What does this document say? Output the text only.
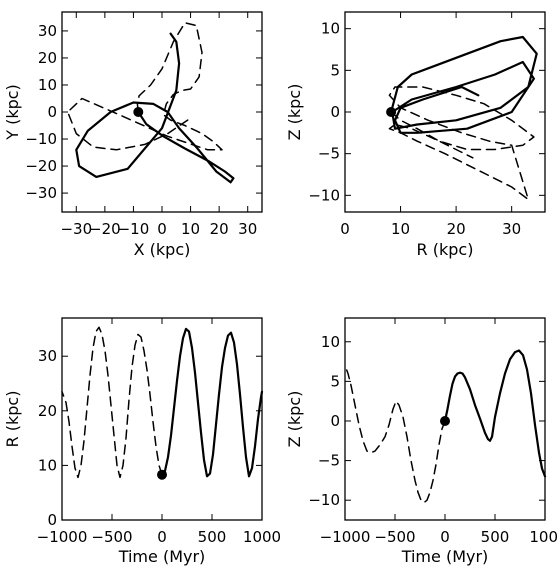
−30
−20
−10 0 10 20 30
−30
−20
−10
0
10
20
30
X (kpc)
Y (kpc)
0	10 20 30
−10
−5
0
5
10
R (kpc)
Z (kpc)
−1000 −500 0 500 1000
0
10
20
30
Time (Myr)
R (kpc)
−1000 −500 0 500 100
−10
−5
0
5
10
Time (Myr)
Z (kpc)
